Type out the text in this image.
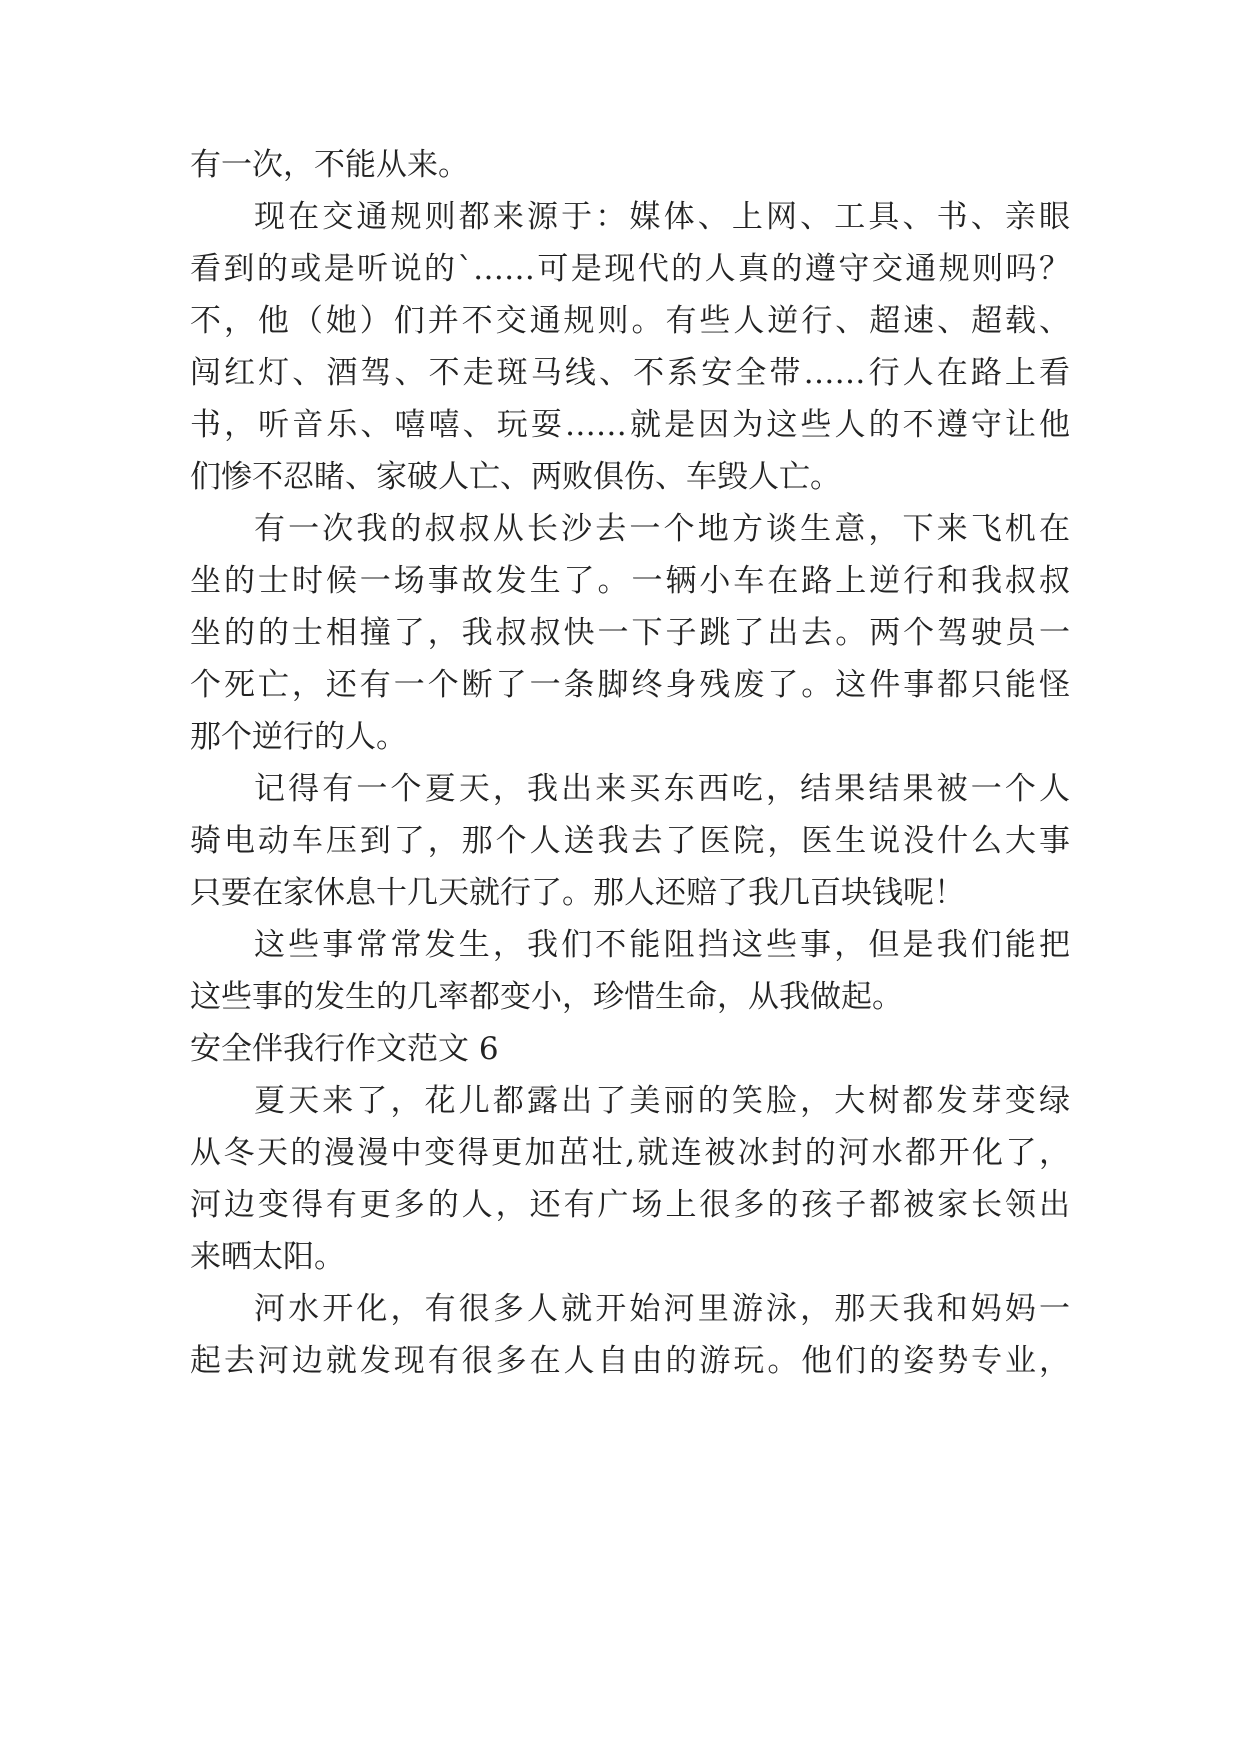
有一次，不能从来。
现在交通规则都来源于：媒体、上网、工具、书、亲眼
看到的或是听说的`……可是现代的人真的遵守交通规则吗？
不，他（她）们并不交通规则。有些人逆行、超速、超载、
闯红灯、酒驾、不走斑马线、不系安全带……行人在路上看
书，听音乐、嘻嘻、玩耍……就是因为这些人的不遵守让他
们惨不忍睹、家破人亡、两败俱伤、车毁人亡。
有一次我的叔叔从长沙去一个地方谈生意，下来飞机在
坐的士时候一场事故发生了。一辆小车在路上逆行和我叔叔
坐的的士相撞了，我叔叔快一下子跳了出去。两个驾驶员一
个死亡，还有一个断了一条脚终身残废了。这件事都只能怪
那个逆行的人。
记得有一个夏天，我出来买东西吃，结果结果被一个人
骑电动车压到了，那个人送我去了医院，医生说没什么大事
只要在家休息十几天就行了。那人还赔了我几百块钱呢！
这些事常常发生，我们不能阻挡这些事，但是我们能把
这些事的发生的几率都变小，珍惜生命，从我做起。
安全伴我行作文范文 6
夏天来了，花儿都露出了美丽的笑脸，大树都发芽变绿
从冬天的漫漫中变得更加茁壮,就连被冰封的河水都开化了，
河边变得有更多的人，还有广场上很多的孩子都被家长领出
来晒太阳。
河水开化，有很多人就开始河里游泳，那天我和妈妈一
起去河边就发现有很多在人自由的游玩。他们的姿势专业，
